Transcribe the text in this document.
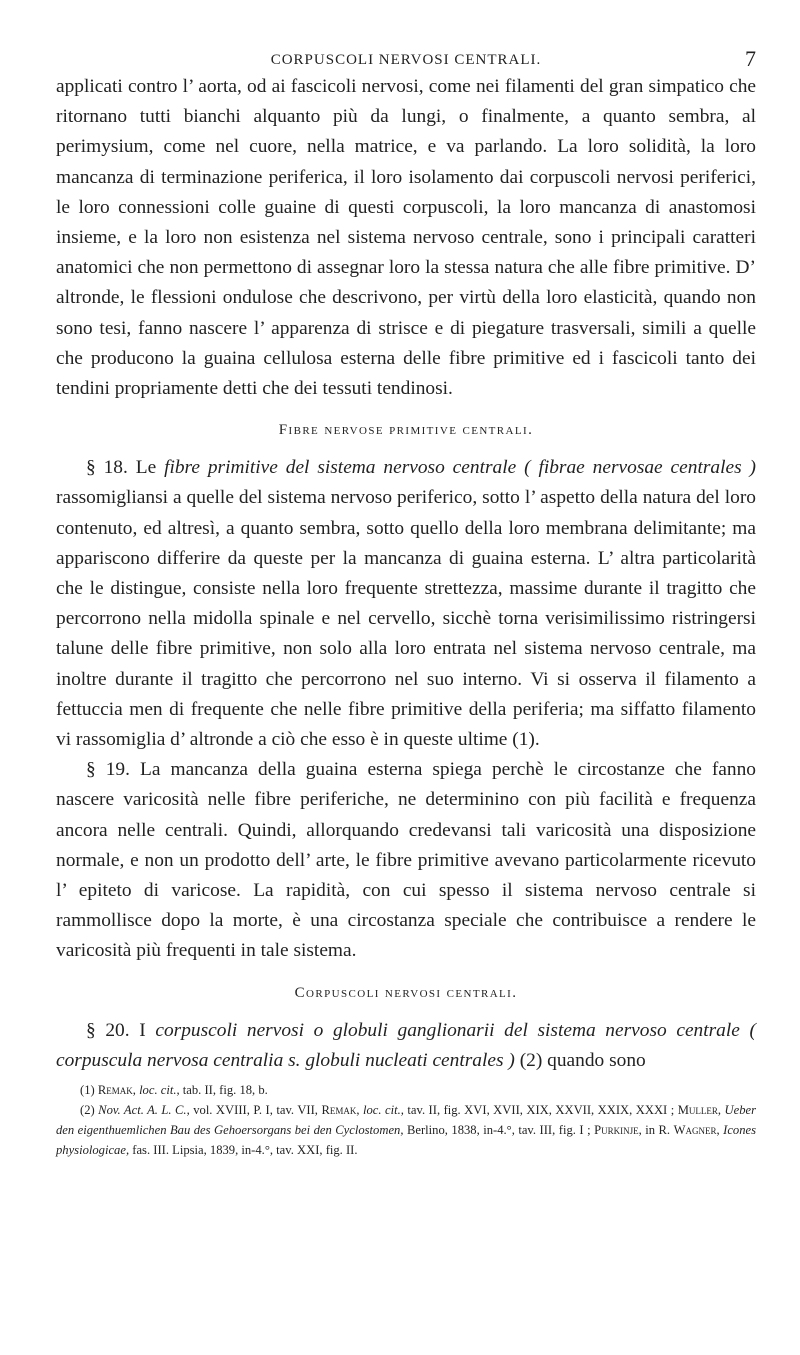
CORPUSCOLI NERVOSI CENTRALI.	7

applicati contro l’ aorta, od ai fascicoli nervosi, come nei filamenti del gran simpatico che ritornano tutti bianchi alquanto più da lungi, o finalmente, a quanto sembra, al perimysium, come nel cuore, nella matrice, e va parlando. La loro solidità, la loro mancanza di terminazione periferica, il loro isolamento dai corpuscoli nervosi periferici, le loro connessioni colle guaine di questi corpuscoli, la loro mancanza di anastomosi insieme, e la loro non esistenza nel sistema nervoso centrale, sono i principali caratteri anatomici che non permettono di assegnar loro la stessa natura che alle fibre primitive. D’ altronde, le flessioni ondulose che descrivono, per virtù della loro elasticità, quando non sono tesi, fanno nascere l’ apparenza di strisce e di piegature trasversali, simili a quelle che producono la guaina cellulosa esterna delle fibre primitive ed i fascicoli tanto dei tendini propriamente detti che dei tessuti tendinosi.

Fibre nervose primitive centrali.

§ 18. Le fibre primitive del sistema nervoso centrale ( fibrae nervosae centrales ) rassomigliansi a quelle del sistema nervoso periferico, sotto l’ aspetto della natura del loro contenuto, ed altresì, a quanto sembra, sotto quello della loro membrana delimitante; ma appariscono differire da queste per la mancanza di guaina esterna. L’ altra particolarità che le distingue, consiste nella loro frequente strettezza, massime durante il tragitto che percorrono nella midolla spinale e nel cervello, sicchè torna verisimilissimo ristringersi talune delle fibre primitive, non solo alla loro entrata nel sistema nervoso centrale, ma inoltre durante il tragitto che percorrono nel suo interno. Vi si osserva il filamento a fettuccia men di frequente che nelle fibre primitive della periferia; ma siffatto filamento vi rassomiglia d’ altronde a ciò che esso è in queste ultime (1).

§ 19. La mancanza della guaina esterna spiega perchè le circostanze che fanno nascere varicosità nelle fibre periferiche, ne determinino con più facilità e frequenza ancora nelle centrali. Quindi, allorquando credevansi tali varicosità una disposizione normale, e non un prodotto dell’ arte, le fibre primitive avevano particolarmente ricevuto l’ epiteto di varicose. La rapidità, con cui spesso il sistema nervoso centrale si rammollisce dopo la morte, è una circostanza speciale che contribuisce a rendere le varicosità più frequenti in tale sistema.

Corpuscoli nervosi centrali.

§ 20. I corpuscoli nervosi o globuli ganglionarii del sistema nervoso centrale ( corpuscula nervosa centralia s. globuli nucleati centrales ) (2) quando sono

(1) Remak, loc. cit., tab. II, fig. 18, b.
(2) Nov. Act. A. L. C., vol. XVIII, P. I, tav. VII, Remak, loc. cit., tav. II, fig. XVI, XVII, XIX, XXVII, XXIX, XXXI ; Muller, Ueber den eigenthuemlichen Bau des Gehoersorgans bei den Cyclostomen, Berlino, 1838, in-4.°, tav. III, fig. I ; Purkinje, in R. Wagner, Icones physiologicae, fas. III. Lipsia, 1839, in-4.°, tav. XXI, fig. II.
